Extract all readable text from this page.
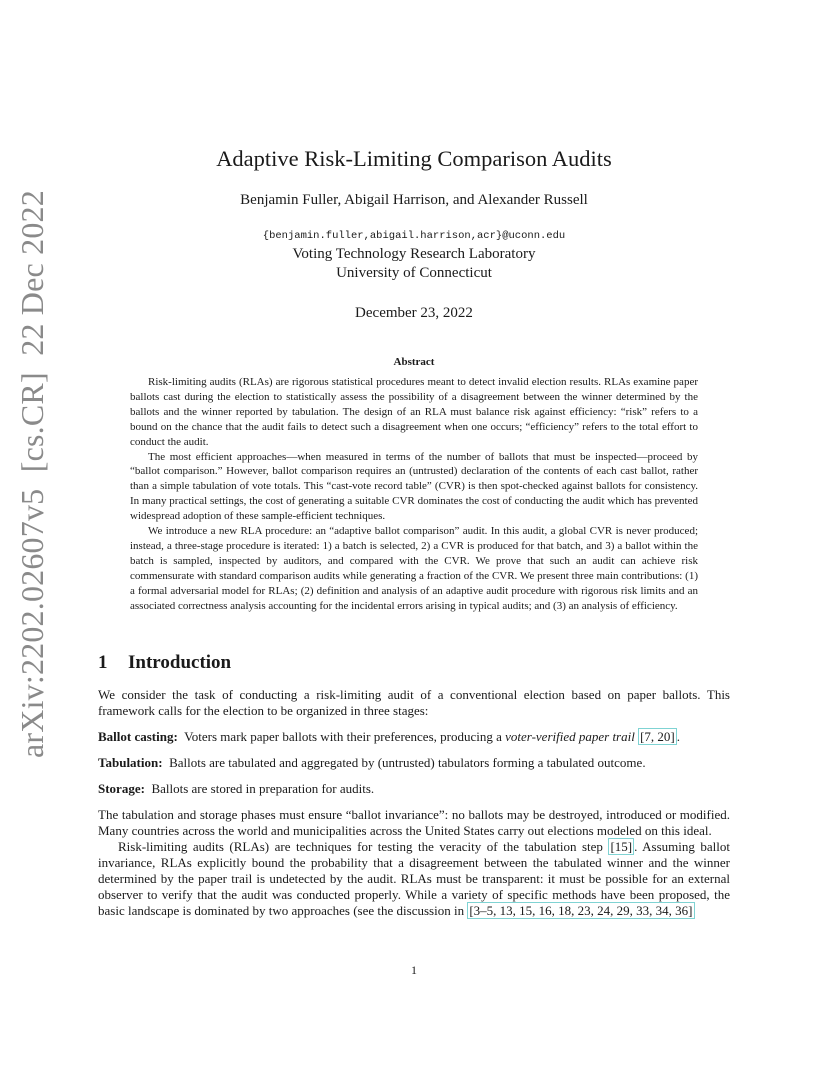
arXiv:2202.02607v5  [cs.CR]  22 Dec 2022
Adaptive Risk-Limiting Comparison Audits
Benjamin Fuller, Abigail Harrison, and Alexander Russell
{benjamin.fuller,abigail.harrison,acr}@uconn.edu
Voting Technology Research Laboratory
University of Connecticut
December 23, 2022
Abstract

Risk-limiting audits (RLAs) are rigorous statistical procedures meant to detect invalid election results. RLAs examine paper ballots cast during the election to statistically assess the possibility of a disagreement between the winner determined by the ballots and the winner reported by tabulation. The design of an RLA must balance risk against efficiency: “risk” refers to a bound on the chance that the audit fails to detect such a disagreement when one occurs; “efficiency” refers to the total effort to conduct the audit.

The most efficient approaches—when measured in terms of the number of ballots that must be inspected—proceed by “ballot comparison.” However, ballot comparison requires an (untrusted) declaration of the contents of each cast ballot, rather than a simple tabulation of vote totals. This “cast-vote record table” (CVR) is then spot-checked against ballots for consistency. In many practical settings, the cost of generating a suitable CVR dominates the cost of conducting the audit which has prevented widespread adoption of these sample-efficient techniques.

We introduce a new RLA procedure: an “adaptive ballot comparison” audit. In this audit, a global CVR is never produced; instead, a three-stage procedure is iterated: 1) a batch is selected, 2) a CVR is produced for that batch, and 3) a ballot within the batch is sampled, inspected by auditors, and compared with the CVR. We prove that such an audit can achieve risk commensurate with standard comparison audits while generating a fraction of the CVR. We present three main contributions: (1) a formal adversarial model for RLAs; (2) definition and analysis of an adaptive audit procedure with rigorous risk limits and an associated correctness analysis accounting for the incidental errors arising in typical audits; and (3) an analysis of efficiency.

1 Introduction

We consider the task of conducting a risk-limiting audit of a conventional election based on paper ballots. This framework calls for the election to be organized in three stages:

Ballot casting: Voters mark paper ballots with their preferences, producing a voter-verified paper trail [7, 20] .

Tabulation: Ballots are tabulated and aggregated by (untrusted) tabulators forming a tabulated outcome.

Storage: Ballots are stored in preparation for audits.

The tabulation and storage phases must ensure “ballot invariance”: no ballots may be destroyed, introduced or modified. Many countries across the world and municipalities across the United States carry out elections modeled on this ideal.

Risk-limiting audits (RLAs) are techniques for testing the veracity of the tabulation step [15] . Assuming ballot invariance, RLAs explicitly bound the probability that a disagreement between the tabulated winner and the winner determined by the paper trail is undetected by the audit. RLAs must be transparent: it must be possible for an external observer to verify that the audit was conducted properly. While a variety of specific methods have been proposed, the basic landscape is dominated by two approaches (see the discussion in [3–5, 13, 15, 16, 18, 23, 24, 29, 33, 34, 36]

1
